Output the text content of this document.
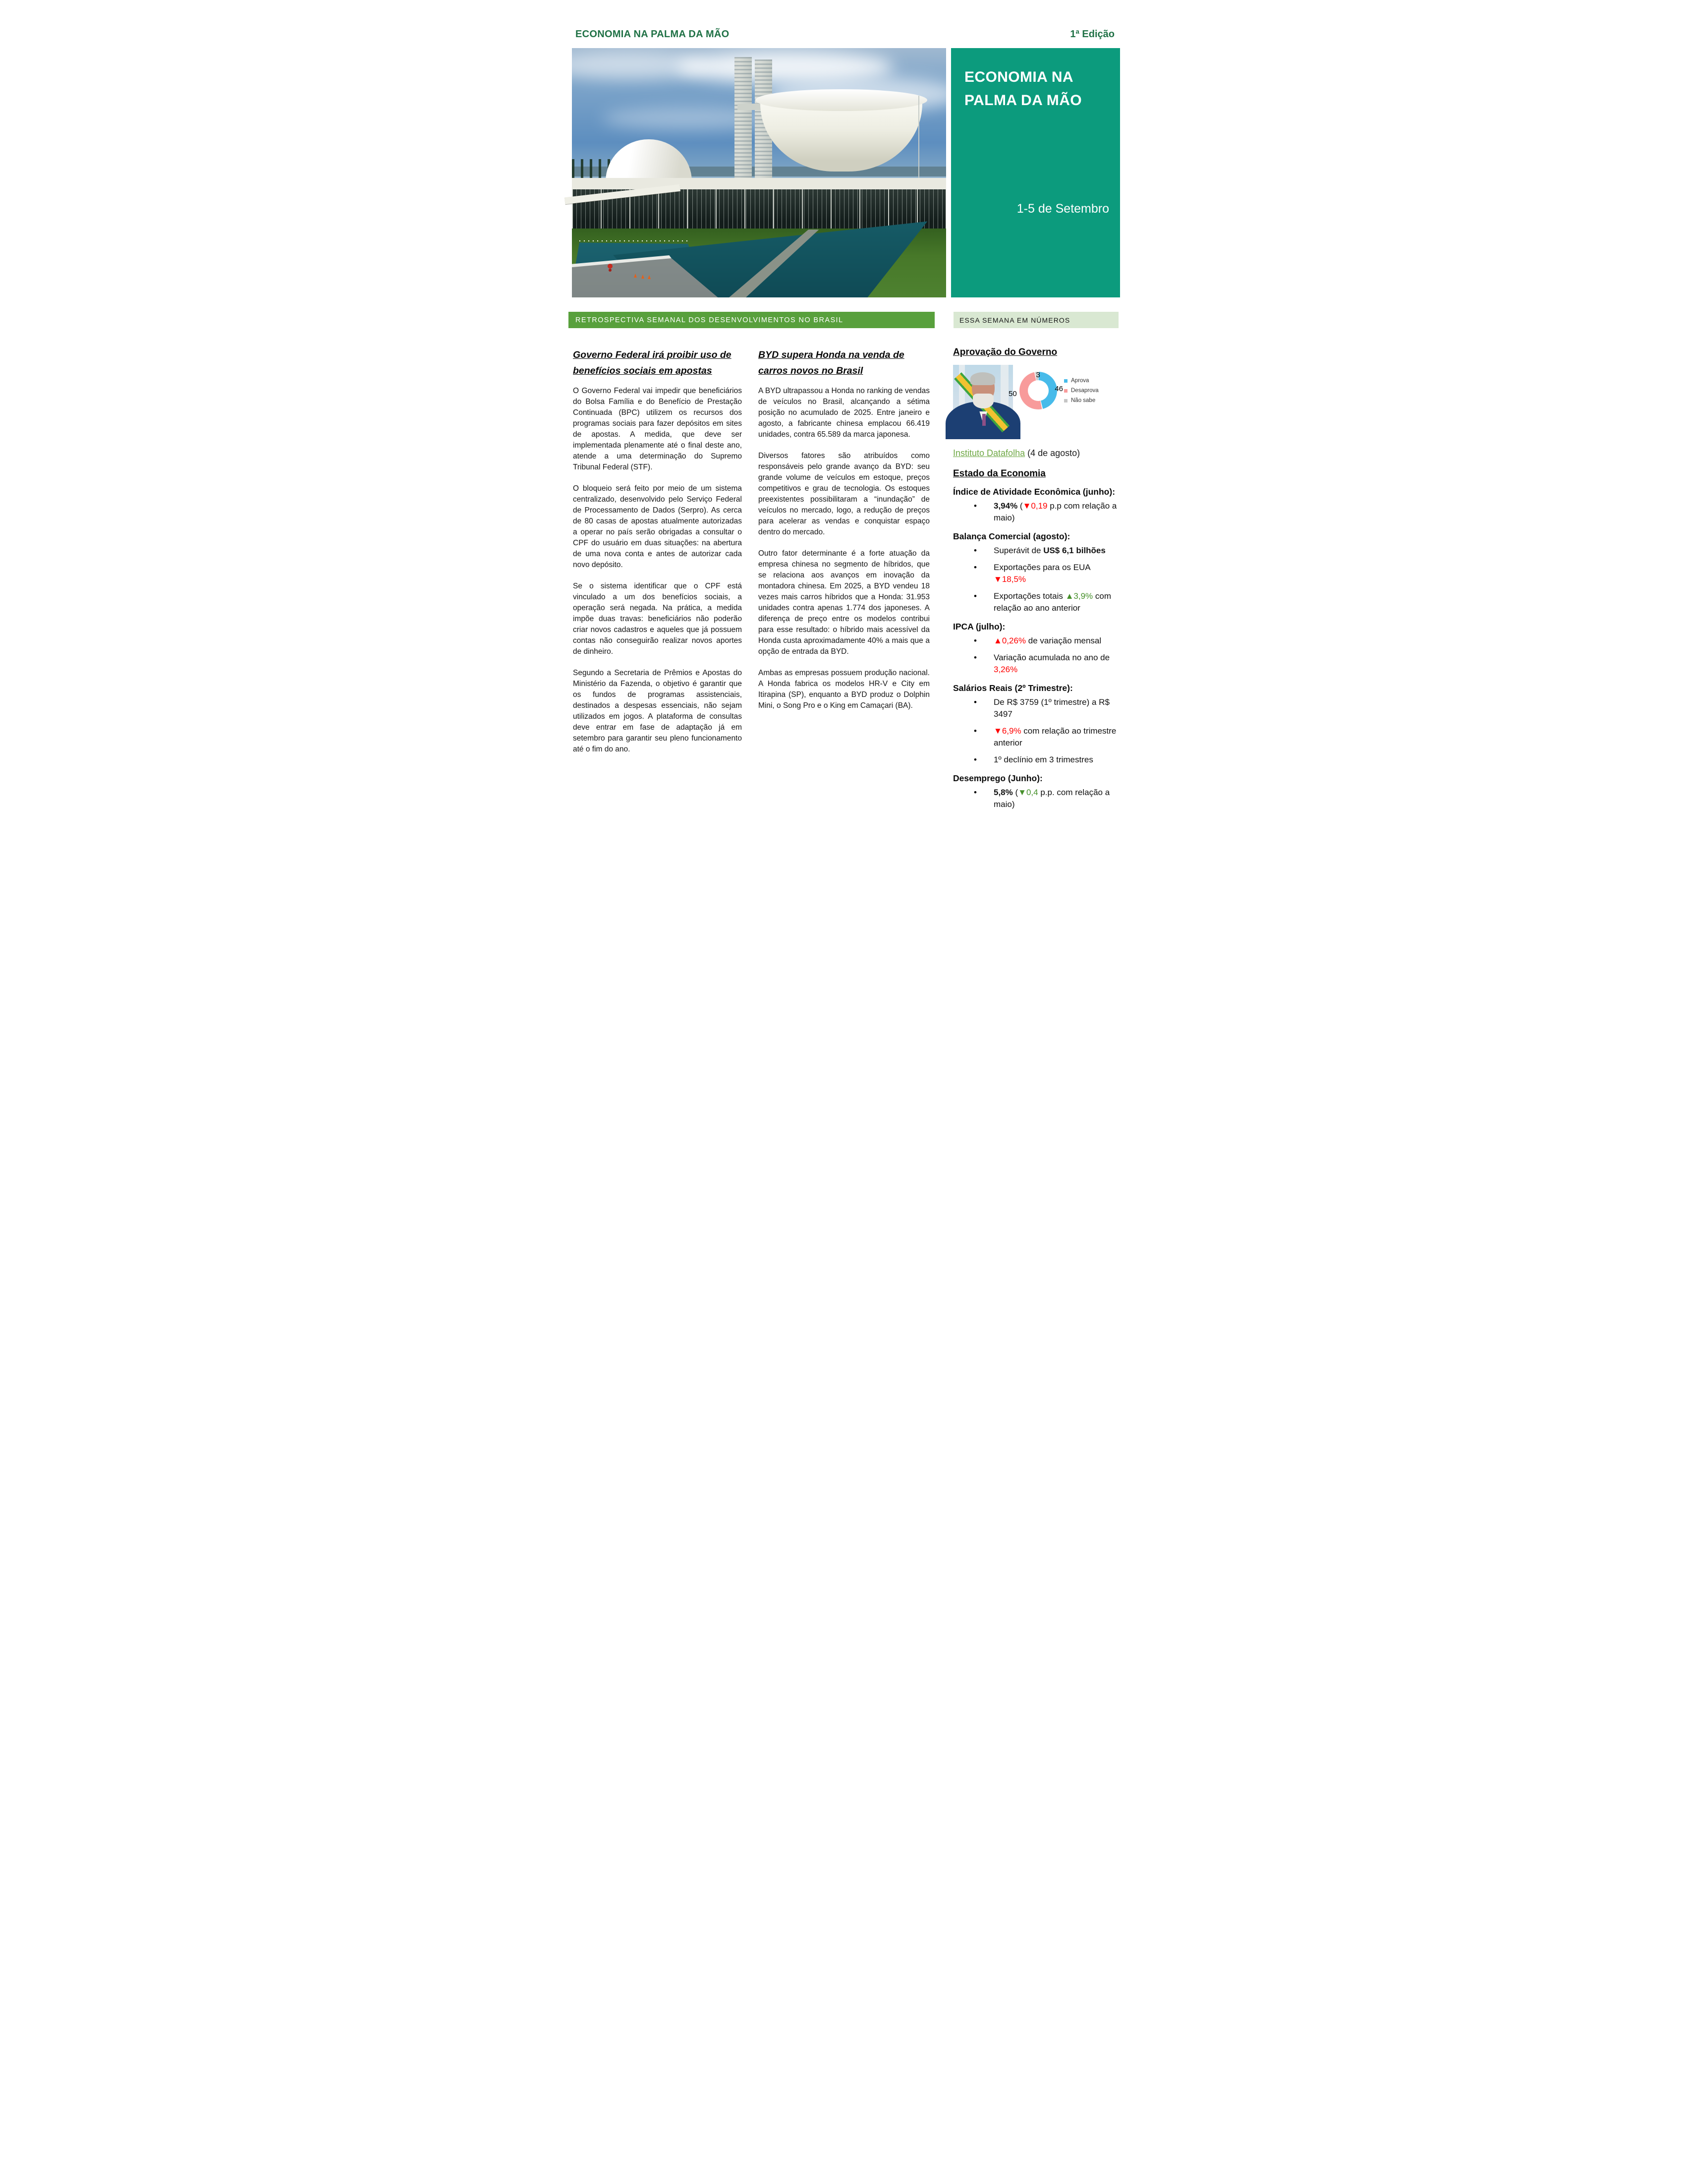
ECONOMIA NA PALMA DA MÃO	1ª Edição
ECONOMIA NA
PALMA DA MÃO
1-5 de Setembro
RETROSPECTIVA SEMANAL DOS DESENVOLVIMENTOS NO BRASIL	ESSA SEMANA EM NÚMEROS
Governo Federal irá proibir uso de benefícios sociais em apostas

O Governo Federal vai impedir que beneficiários do Bolsa Família e do Benefício de Prestação Continuada (BPC) utilizem os recursos dos programas sociais para fazer depósitos em sites de apostas. A medida, que deve ser implementada plenamente até o final deste ano, atende a uma determinação do Supremo Tribunal Federal (STF).

O bloqueio será feito por meio de um sistema centralizado, desenvolvido pelo Serviço Federal de Processamento de Dados (Serpro). As cerca de 80 casas de apostas atualmente autorizadas a operar no país serão obrigadas a consultar o CPF do usuário em duas situações: na abertura de uma nova conta e antes de autorizar cada novo depósito.

Se o sistema identificar que o CPF está vinculado a um dos benefícios sociais, a operação será negada. Na prática, a medida impõe duas travas: beneficiários não poderão criar novos cadastros e aqueles que já possuem contas não conseguirão realizar novos aportes de dinheiro.

Segundo a Secretaria de Prêmios e Apostas do Ministério da Fazenda, o objetivo é garantir que os fundos de programas assistenciais, destinados a despesas essenciais, não sejam utilizados em jogos. A plataforma de consultas deve entrar em fase de adaptação já em setembro para garantir seu pleno funcionamento até o fim do ano.

BYD supera Honda na venda de carros novos no Brasil

A BYD ultrapassou a Honda no ranking de vendas de veículos no Brasil, alcançando a sétima posição no acumulado de 2025. Entre janeiro e agosto, a fabricante chinesa emplacou 66.419 unidades, contra 65.589 da marca japonesa.

Diversos fatores são atribuídos como responsáveis pelo grande avanço da BYD: seu grande volume de veículos em estoque, preços competitivos e grau de tecnologia. Os estoques preexistentes possibilitaram a “inundação” de veículos no mercado, logo, a redução de preços para acelerar as vendas e conquistar espaço dentro do mercado.

Outro fator determinante é a forte atuação da empresa chinesa no segmento de híbridos, que se relaciona aos avanços em inovação da montadora chinesa. Em 2025, a BYD vendeu 18 vezes mais carros híbridos que a Honda: 31.953 unidades contra apenas 1.774 dos japoneses. A diferença de preço entre os modelos contribui para esse resultado: o híbrido mais acessível da Honda custa aproximadamente 40% a mais que a opção de entrada da BYD.

Ambas as empresas possuem produção nacional. A Honda fabrica os modelos HR-V e City em Itirapina (SP), enquanto a BYD produz o Dolphin Mini, o Song Pro e o King em Camaçari (BA).

Aprovação do Governo
46
50
3
Aprova
Desaprova
Não sabe
Instituto Datafolha (4 de agosto)
Estado da Economia
Índice de Atividade Econômica (junho):
• 3,94% (▼0,19 p.p com relação a maio)
Balança Comercial (agosto):
• Superávit de US$ 6,1 bilhões
• Exportações para os EUA ▼18,5%
• Exportações totais ▲3,9% com relação ao ano anterior
IPCA (julho):
• ▲0,26% de variação mensal
• Variação acumulada no ano de 3,26%
Salários Reais (2º Trimestre):
• De R$ 3759 (1º trimestre) a R$ 3497
• ▼6,9% com relação ao trimestre anterior
• 1º declínio em 3 trimestres
Desemprego (Junho):
• 5,8% (▼0,4 p.p. com relação a maio)
